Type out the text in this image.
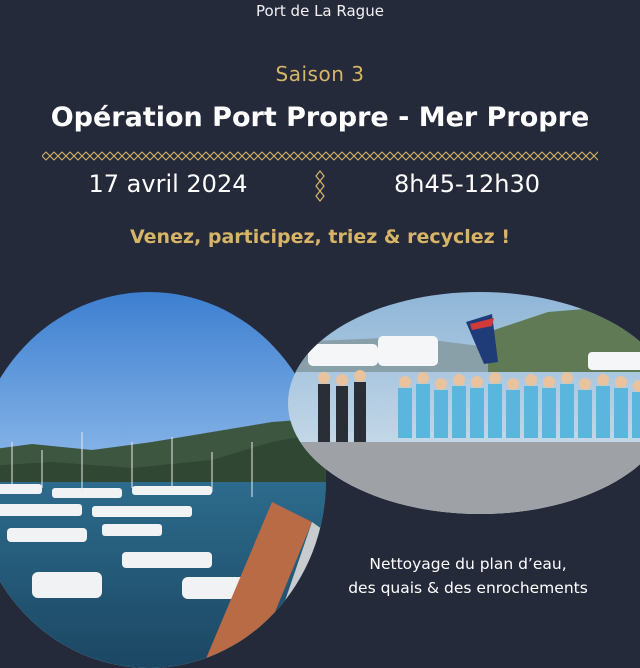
Port de La Rague
Saison 3
Opération Port Propre - Mer Propre
17 avril 2024	8h45-12h30
Venez, participez, triez & recyclez !
Nettoyage du plan d’eau,
des quais & des enrochements
